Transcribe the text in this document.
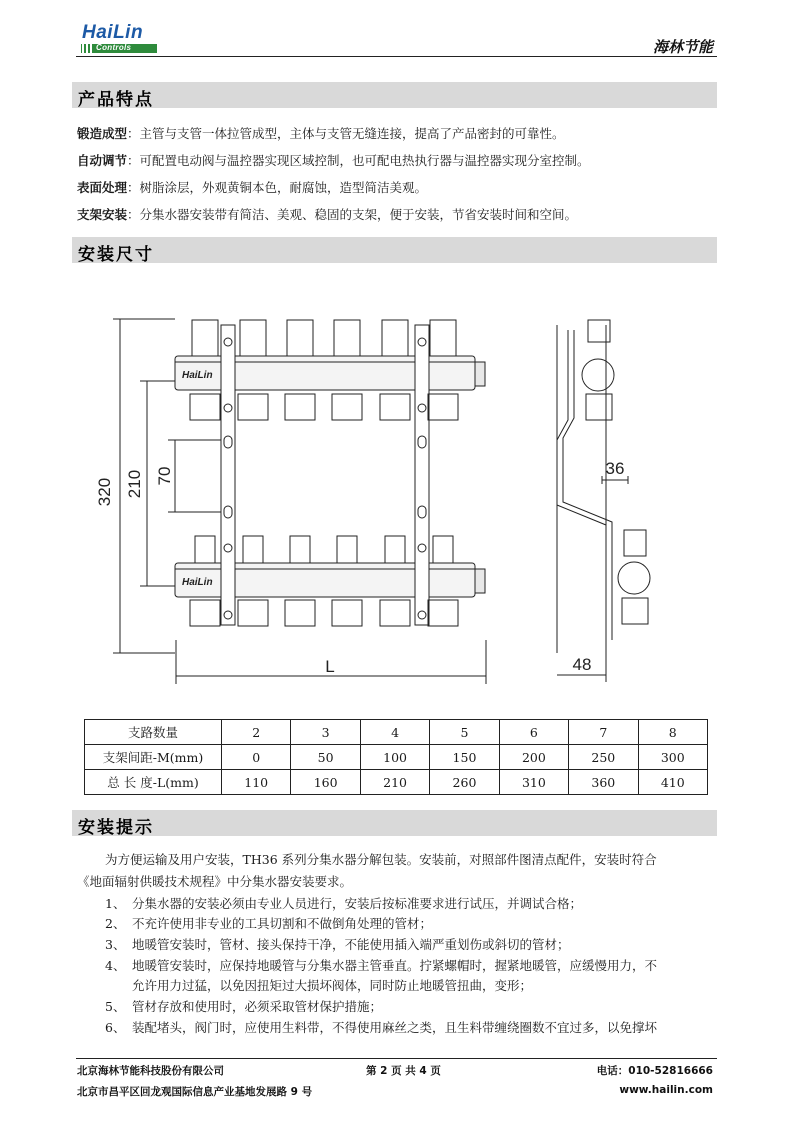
HaiLin
Controls	海林节能
产品特点
锻造成型：主管与支管一体拉管成型，主体与支管无缝连接，提高了产品密封的可靠性。
自动调节：可配置电动阀与温控器实现区域控制，也可配电热执行器与温控器实现分室控制。
表面处理：树脂涂层，外观黄铜本色，耐腐蚀，造型简洁美观。
支架安装：分集水器安装带有简洁、美观、稳固的支架，便于安装，节省安装时间和空间。
安装尺寸
HaiLin
HaiLin
320 210 70
L
36
48
支路数量	2	3	4	5	6	7	8
支架间距-M(mm)	0	50	100	150	200	250	300
总 长 度-L(mm)	110	160	210	260	310	360	410
安装提示
为方便运输及用户安装，TH36 系列分集水器分解包装。安装前，对照部件图清点配件，安装时符合
《地面辐射供暖技术规程》中分集水器安装要求。
1、 分集水器的安装必须由专业人员进行，安装后按标准要求进行试压，并调试合格；
2、 不充许使用非专业的工具切割和不做倒角处理的管材；
3、 地暖管安装时，管材、接头保持干净，不能使用插入端严重划伤或斜切的管材；
4、 地暖管安装时，应保持地暖管与分集水器主管垂直。拧紧螺帽时，握紧地暖管，应缓慢用力，不
允许用力过猛，以免因扭矩过大损坏阀体，同时防止地暖管扭曲，变形；
5、 管材存放和使用时，必须采取管材保护措施；
6、 装配堵头，阀门时，应使用生料带，不得使用麻丝之类，且生料带缠绕圈数不宜过多，以免撑坏
北京海林节能科技股份有限公司	第 2 页 共 4 页	电话：010-52816666
北京市昌平区回龙观国际信息产业基地发展路 9 号	www.hailin.com
